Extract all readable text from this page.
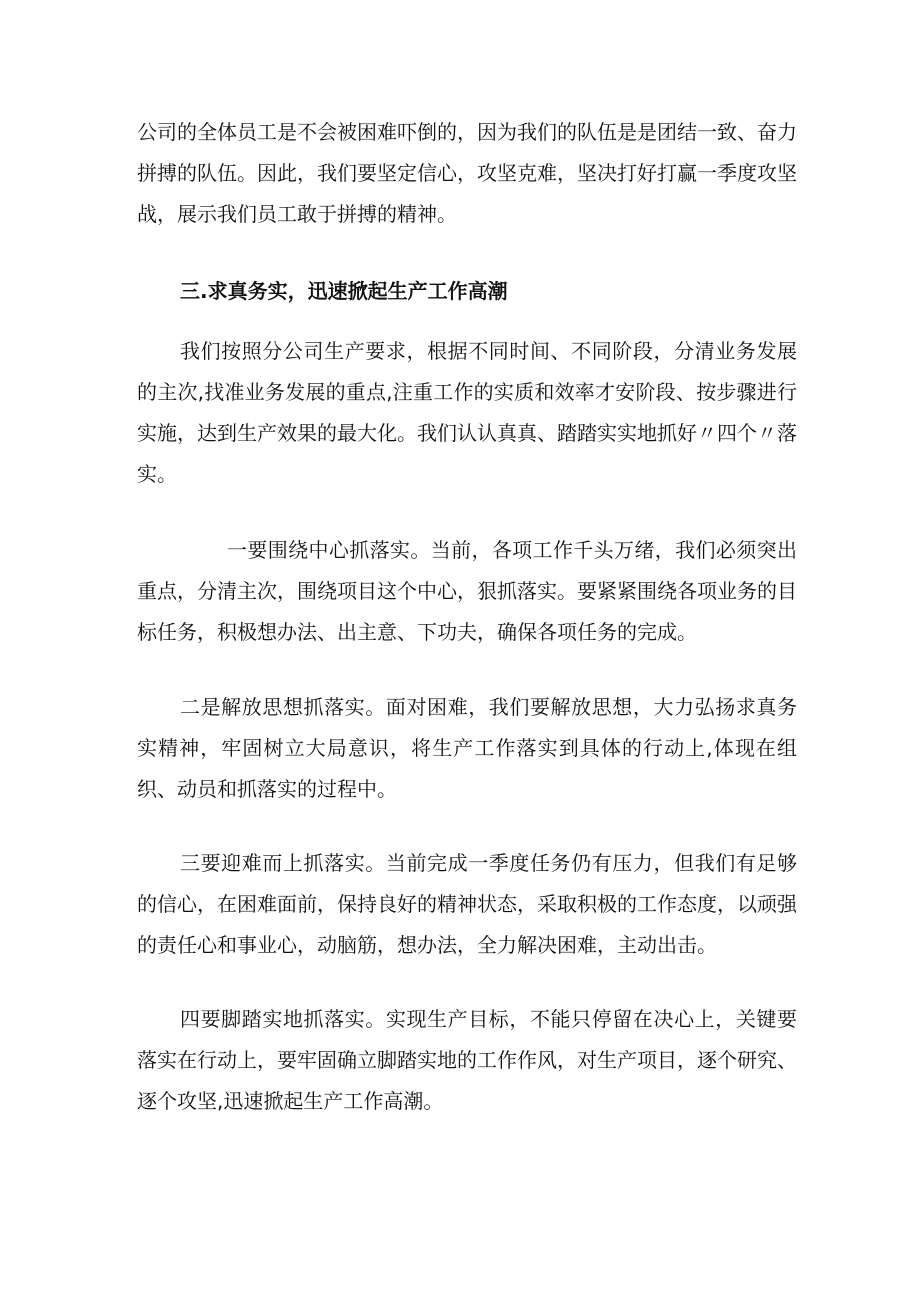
公司的全体员工是不会被困难吓倒的，因为我们的队伍是是团结一致、奋力拼搏的队伍。因此，我们要坚定信心，攻坚克难，坚决打好打赢一季度攻坚战，展示我们员工敢于拼搏的精神。

三.求真务实，迅速掀起生产工作高潮

我们按照分公司生产要求，根据不同时间、不同阶段，分清业务发展的主次,找准业务发展的重点,注重工作的实质和效率才安阶段、按步骤进行实施，达到生产效果的最大化。我们认认真真、踏踏实实地抓好〃四个〃落实。

一要围绕中心抓落实。当前，各项工作千头万绪，我们必须突出重点，分清主次，围绕项目这个中心，狠抓落实。要紧紧围绕各项业务的目标任务，积极想办法、出主意、下功夫，确保各项任务的完成。

二是解放思想抓落实。面对困难，我们要解放思想，大力弘扬求真务实精神，牢固树立大局意识，将生产工作落实到具体的行动上,体现在组织、动员和抓落实的过程中。

三要迎难而上抓落实。当前完成一季度任务仍有压力，但我们有足够的信心，在困难面前，保持良好的精神状态，采取积极的工作态度，以顽强的责任心和事业心，动脑筋，想办法，全力解决困难，主动出击。

四要脚踏实地抓落实。实现生产目标，不能只停留在决心上，关键要落实在行动上，要牢固确立脚踏实地的工作作风，对生产项目，逐个研究、逐个攻坚,迅速掀起生产工作高潮。
